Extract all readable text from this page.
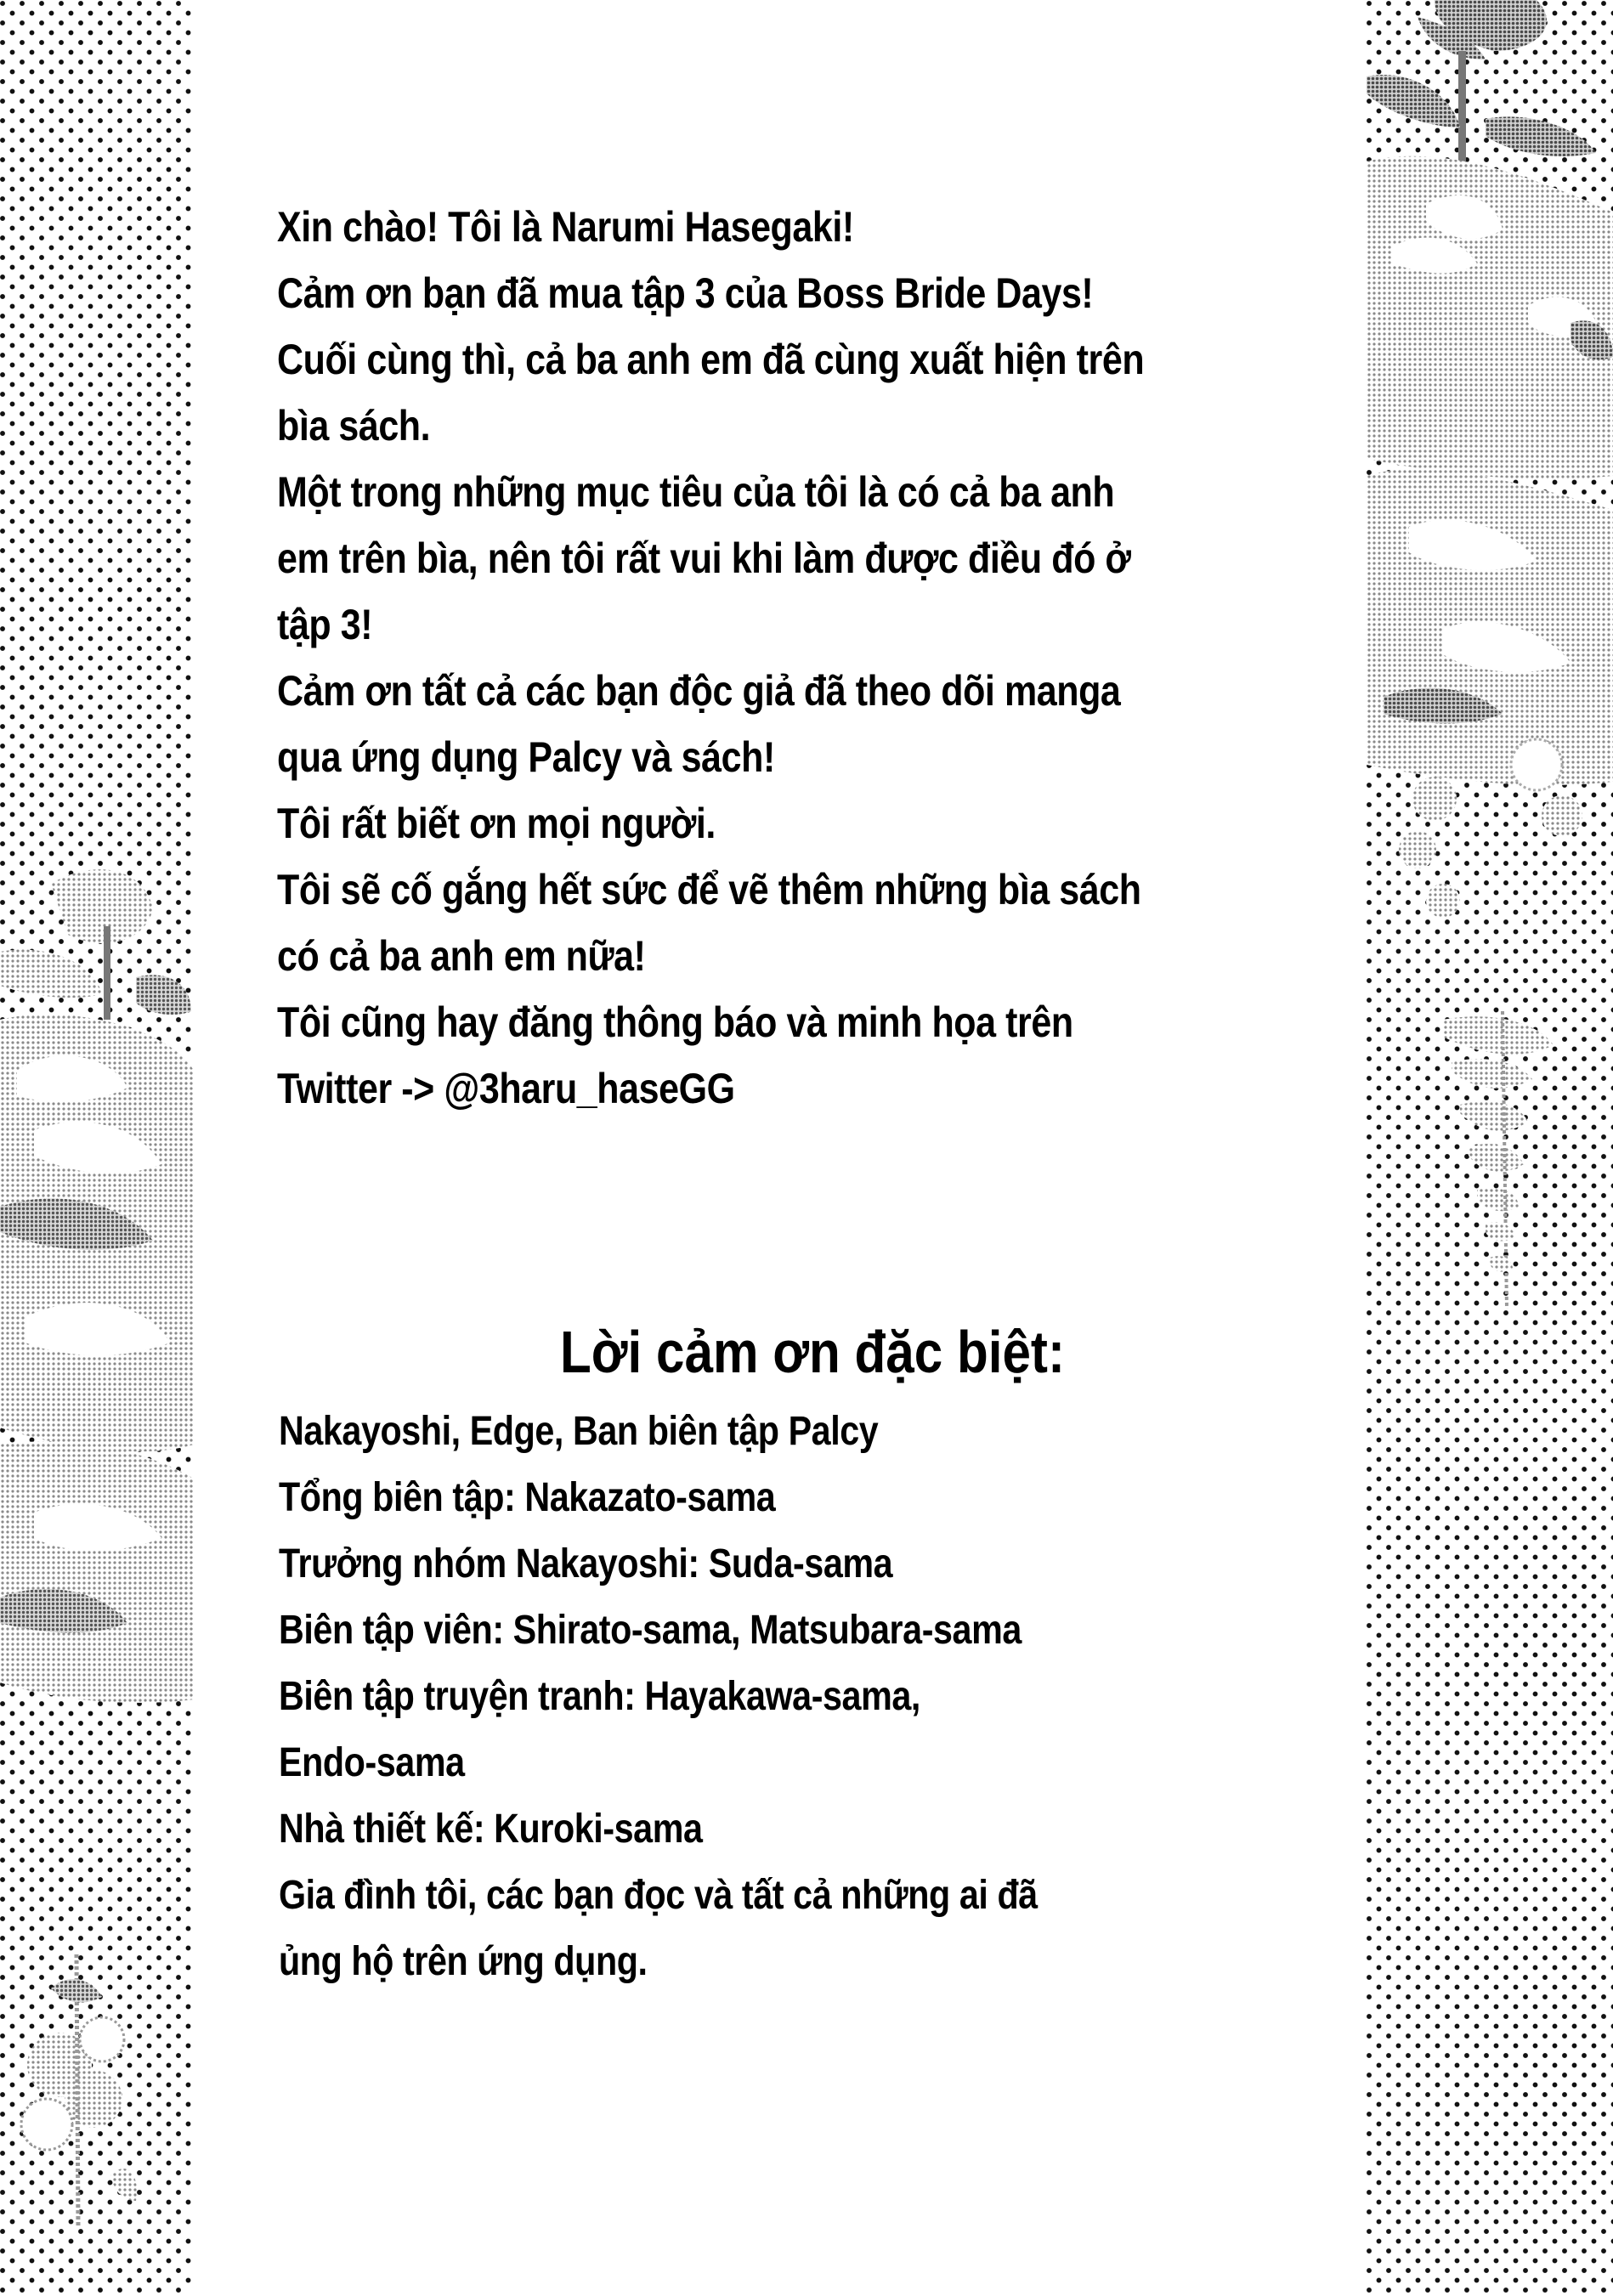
Xin chào! Tôi là Narumi Hasegaki!
Cảm ơn bạn đã mua tập 3 của Boss Bride Days!
Cuối cùng thì, cả ba anh em đã cùng xuất hiện trên
bìa sách.
Một trong những mục tiêu của tôi là có cả ba anh
em trên bìa, nên tôi rất vui khi làm được điều đó ở
tập 3!
Cảm ơn tất cả các bạn độc giả đã theo dõi manga
qua ứng dụng Palcy và sách!
Tôi rất biết ơn mọi người.
Tôi sẽ cố gắng hết sức để vẽ thêm những bìa sách
có cả ba anh em nữa!
Tôi cũng hay đăng thông báo và minh họa trên
Twitter -> @3haru_haseGG
Lời cảm ơn đặc biệt:
Nakayoshi, Edge, Ban biên tập Palcy
Tổng biên tập: Nakazato-sama
Trưởng nhóm Nakayoshi: Suda-sama
Biên tập viên: Shirato-sama, Matsubara-sama
Biên tập truyện tranh: Hayakawa-sama,
Endo-sama
Nhà thiết kế: Kuroki-sama
Gia đình tôi, các bạn đọc và tất cả những ai đã
ủng hộ trên ứng dụng.
